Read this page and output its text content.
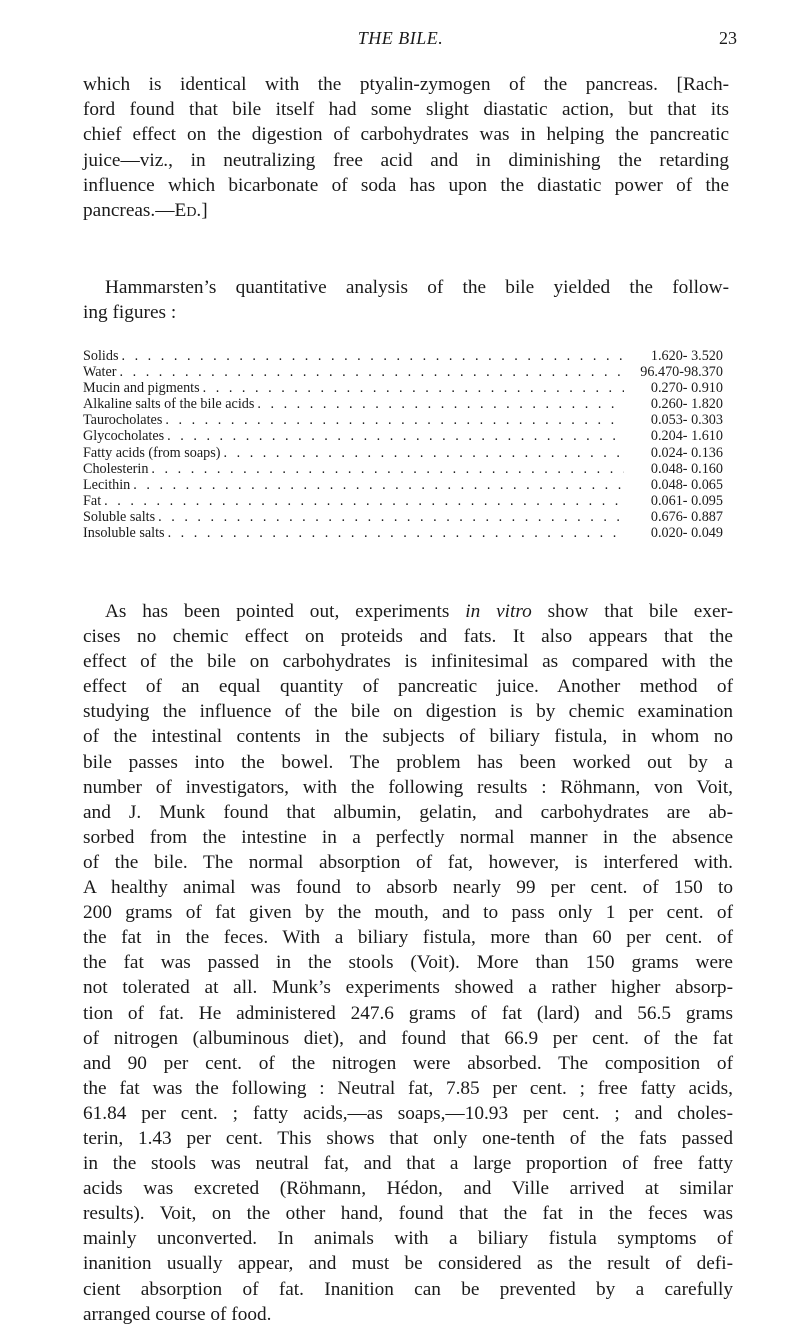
THE BILE.	23
which is identical with the ptyalin-zymogen of the pancreas. [Rach-
ford found that bile itself had some slight diastatic action, but that its
chief effect on the digestion of carbohydrates was in helping the pancreatic
juice—viz., in neutralizing free acid and in diminishing the retarding
influence which bicarbonate of soda has upon the diastatic power of the
pancreas.—Ed.]
Hammarsten’s quantitative analysis of the bile yielded the follow-
ing figures :
Solids . . .	1.620- 3.520
Water . . .	96.470-98.370
Mucin and pigments . . .	0.270- 0.910
Alkaline salts of the bile acids . . .	0.260- 1.820
Taurocholates . . .	0.053- 0.303
Glycocholates . . .	0.204- 1.610
Fatty acids (from soaps) . . .	0.024- 0.136
Cholesterin . . .	0.048- 0.160
Lecithin . . .	0.048- 0.065
Fat . . .	0.061- 0.095
Soluble salts . . .	0.676- 0.887
Insoluble salts . . .	0.020- 0.049
As has been pointed out, experiments in vitro show that bile exer-
cises no chemic effect on proteids and fats. It also appears that the
effect of the bile on carbohydrates is infinitesimal as compared with the
effect of an equal quantity of pancreatic juice. Another method of
studying the influence of the bile on digestion is by chemic examination
of the intestinal contents in the subjects of biliary fistula, in whom no
bile passes into the bowel. The problem has been worked out by a
number of investigators, with the following results : Röhmann, von Voit,
and J. Munk found that albumin, gelatin, and carbohydrates are ab-
sorbed from the intestine in a perfectly normal manner in the absence
of the bile. The normal absorption of fat, however, is interfered with.
A healthy animal was found to absorb nearly 99 per cent. of 150 to
200 grams of fat given by the mouth, and to pass only 1 per cent. of
the fat in the feces. With a biliary fistula, more than 60 per cent. of
the fat was passed in the stools (Voit). More than 150 grams were
not tolerated at all. Munk’s experiments showed a rather higher absorp-
tion of fat. He administered 247.6 grams of fat (lard) and 56.5 grams
of nitrogen (albuminous diet), and found that 66.9 per cent. of the fat
and 90 per cent. of the nitrogen were absorbed. The composition of
the fat was the following : Neutral fat, 7.85 per cent. ; free fatty acids,
61.84 per cent. ; fatty acids,—as soaps,—10.93 per cent. ; and choles-
terin, 1.43 per cent. This shows that only one-tenth of the fats passed
in the stools was neutral fat, and that a large proportion of free fatty
acids was excreted (Röhmann, Hédon, and Ville arrived at similar
results). Voit, on the other hand, found that the fat in the feces was
mainly unconverted. In animals with a biliary fistula symptoms of
inanition usually appear, and must be considered as the result of defi-
cient absorption of fat. Inanition can be prevented by a carefully
arranged course of food.
